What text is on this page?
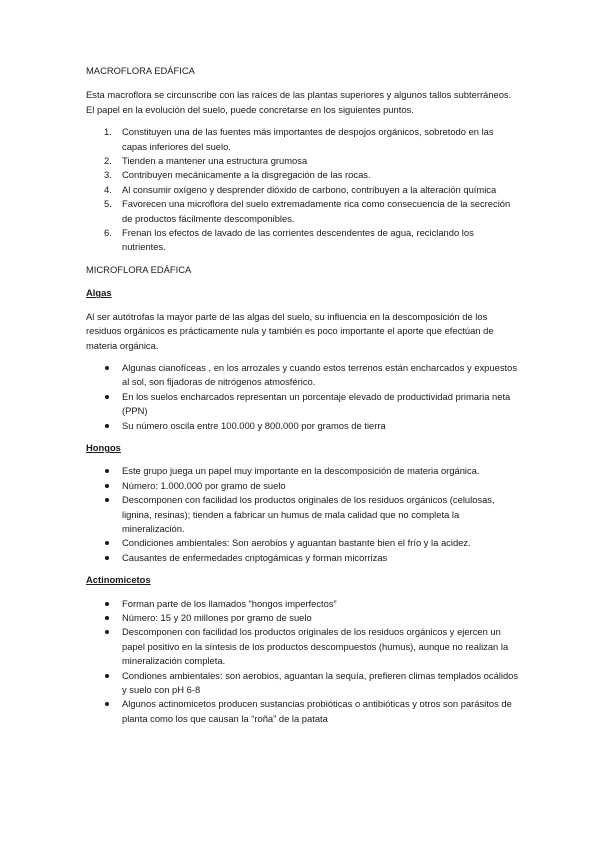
MACROFLORA EDÁFICA

Esta macroflora se circunscribe con las raíces de las plantas superiores y algunos tallos subterráneos. El papel en la evolución del suelo, puede concretarse en los siguientes puntos.

1. Constituyen una de las fuentes más importantes de despojos orgánicos, sobretodo en las capas inferiores del suelo.
2. Tienden a mantener una estructura grumosa
3. Contribuyen mecánicamente a la disgregación de las rocas.
4. Al consumir oxígeno y desprender dióxido de carbono, contribuyen a la alteración química
5. Favorecen una microflora del suelo extremadamente rica como consecuencia de la secreción de productos fácilmente descomponibles.
6. Frenan los efectos de lavado de las corrientes descendentes de agua, reciclando los nutrientes.
MICROFLORA EDÁFICA
Algas

Al ser autótrofas la mayor parte de las algas del suelo, su influencia en la descomposición de los residuos orgánicos es prácticamente nula y también es poco importante el aporte que efectúan de materia orgánica.

Algunas cianofíceas , en los arrozales y cuando estos terrenos están encharcados y expuestos al sol, son fijadoras de nitrógenos atmosférico.
En los suelos encharcados representan un porcentaje elevado de productividad primaria neta (PPN)
Su número oscila entre 100.000 y 800.000 por gramos de tierra
Hongos
Este grupo juega un papel muy importante en la descomposición de materia orgánica.
Número: 1.000.000 por gramo de suelo
Descomponen con facilidad los productos originales de los residuos orgánicos (celulosas, lignina, resinas); tienden a fabricar un humus de mala calidad que no completa la mineralización.
Condiciones ambientales: Son aerobios y aguantan bastante bien el frío y la acidez.
Causantes de enfermedades criptogámicas y forman micorrizas
Actinomicetos
Forman parte de los llamados “hongos imperfectos”
Número: 15 y 20 millones por gramo de suelo
Descomponen con facilidad los productos originales de los residuos orgánicos y ejercen un papel positivo en la síntesis de los productos descompuestos (humus), aunque no realizan la mineralización completa.
Condiones ambientales: son aerobios, aguantan la sequía, prefieren climas templados ocálidos y suelo con pH 6-8
Algunos actinomicetos producen sustancias probióticas o antibióticas y otros son parásitos de planta como los que causan la “roña” de la patata
